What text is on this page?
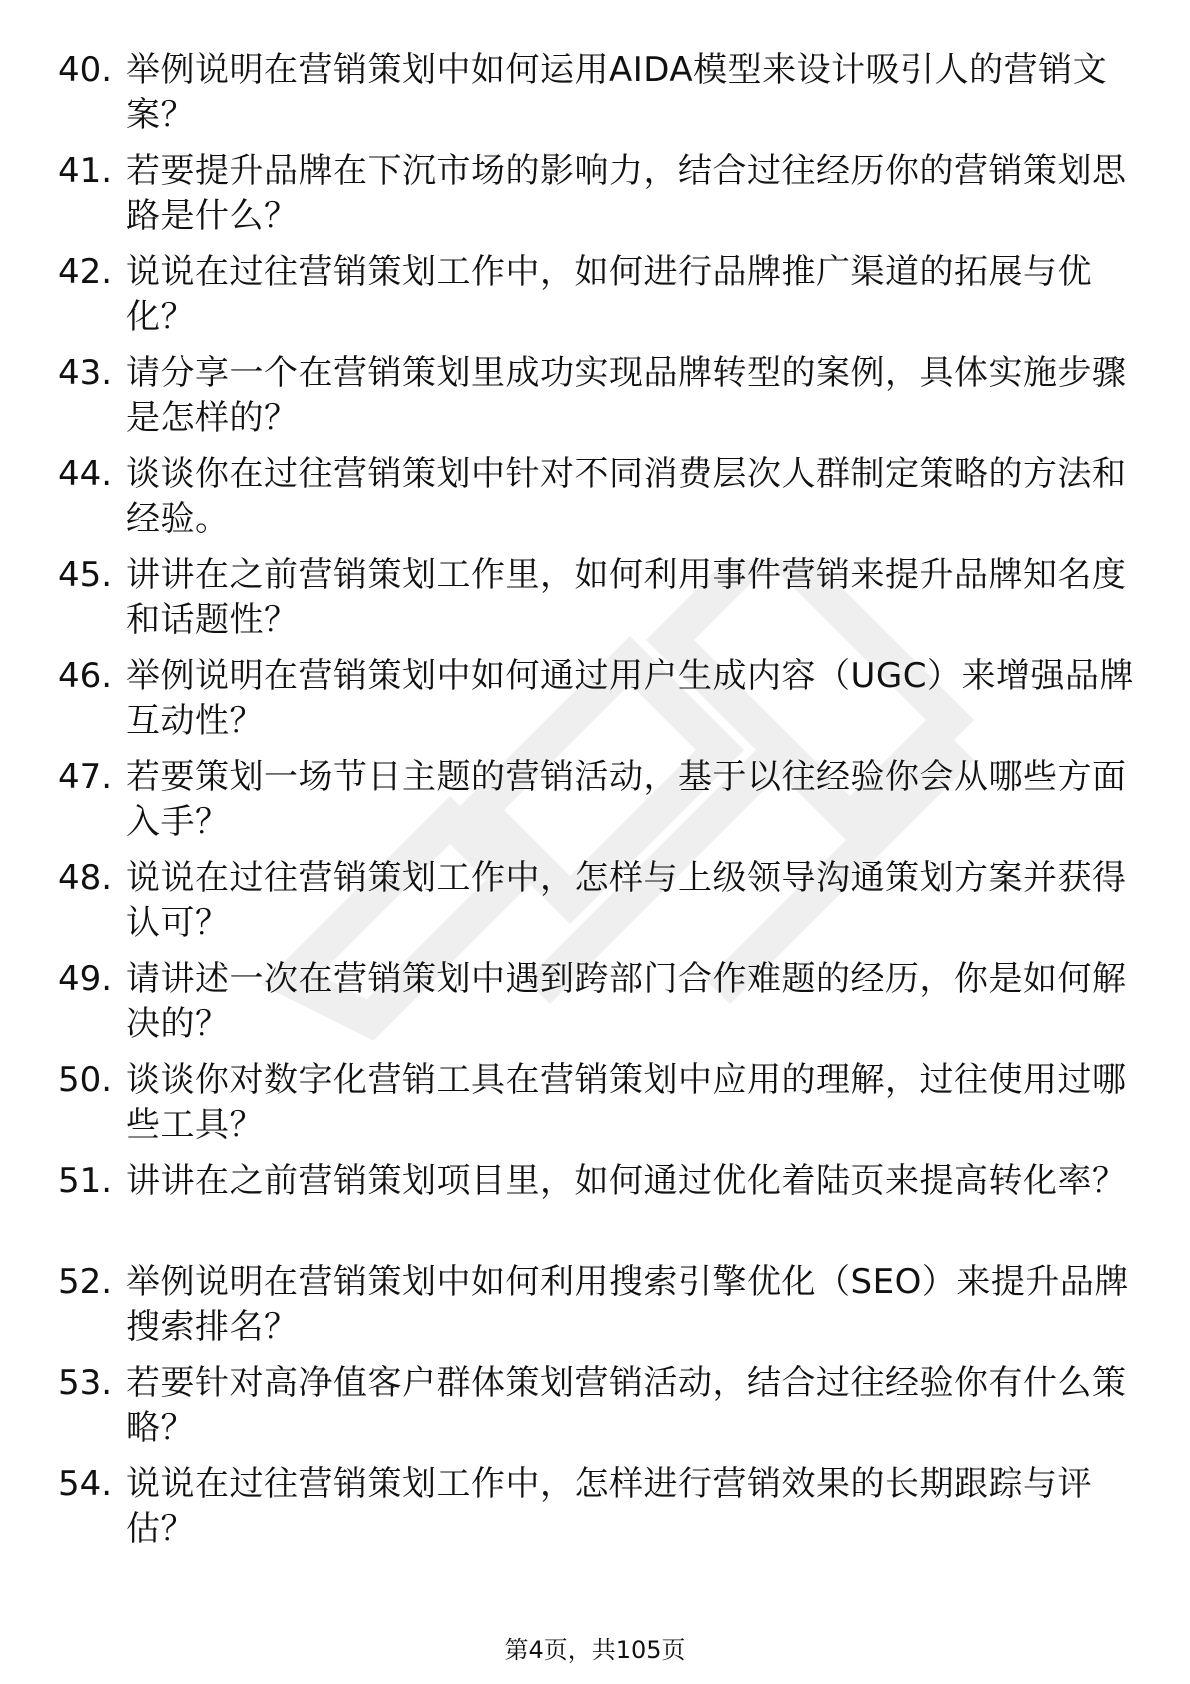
40. 举例说明在营销策划中如何运用AIDA模型来设计吸引人的营销文案？
41. 若要提升品牌在下沉市场的影响力，结合过往经历你的营销策划思路是什么？
42. 说说在过往营销策划工作中，如何进行品牌推广渠道的拓展与优化？
43. 请分享一个在营销策划里成功实现品牌转型的案例，具体实施步骤是怎样的？
44. 谈谈你在过往营销策划中针对不同消费层次人群制定策略的方法和经验。
45. 讲讲在之前营销策划工作里，如何利用事件营销来提升品牌知名度和话题性？
46. 举例说明在营销策划中如何通过用户生成内容（UGC）来增强品牌互动性？
47. 若要策划一场节日主题的营销活动，基于以往经验你会从哪些方面入手？
48. 说说在过往营销策划工作中，怎样与上级领导沟通策划方案并获得认可？
49. 请讲述一次在营销策划中遇到跨部门合作难题的经历，你是如何解决的？
50. 谈谈你对数字化营销工具在营销策划中应用的理解，过往使用过哪些工具？
51. 讲讲在之前营销策划项目里，如何通过优化着陆页来提高转化率？
52. 举例说明在营销策划中如何利用搜索引擎优化（SEO）来提升品牌搜索排名？
53. 若要针对高净值客户群体策划营销活动，结合过往经验你有什么策略？
54. 说说在过往营销策划工作中，怎样进行营销效果的长期跟踪与评估？
第4页，共105页
